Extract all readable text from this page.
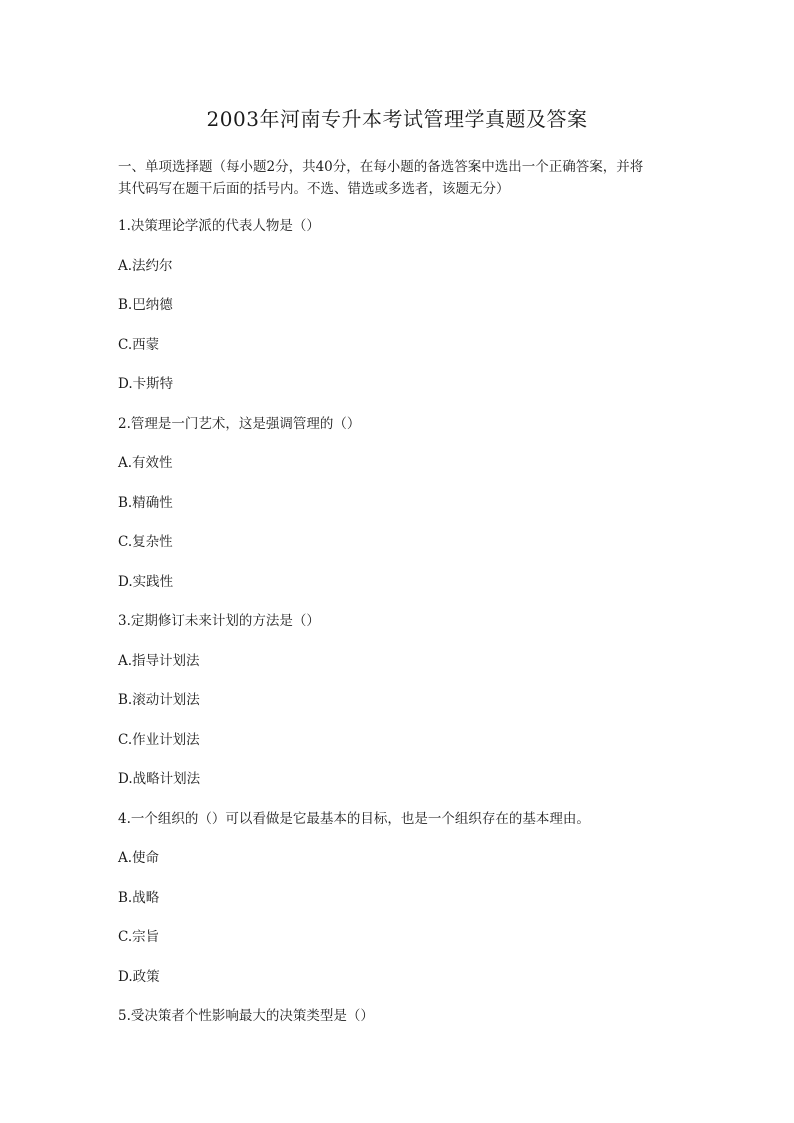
2003年河南专升本考试管理学真题及答案
一、单项选择题（每小题2分，共40分，在每小题的备选答案中选出一个正确答案，并将
其代码写在题干后面的括号内。不选、错选或多选者，该题无分）
1.决策理论学派的代表人物是（）
A.法约尔
B.巴纳德
C.西蒙
D.卡斯特
2.管理是一门艺术，这是强调管理的（）
A.有效性
B.精确性
C.复杂性
D.实践性
3.定期修订未来计划的方法是（）
A.指导计划法
B.滚动计划法
C.作业计划法
D.战略计划法
4.一个组织的（）可以看做是它最基本的目标，也是一个组织存在的基本理由。
A.使命
B.战略
C.宗旨
D.政策
5.受决策者个性影响最大的决策类型是（）
